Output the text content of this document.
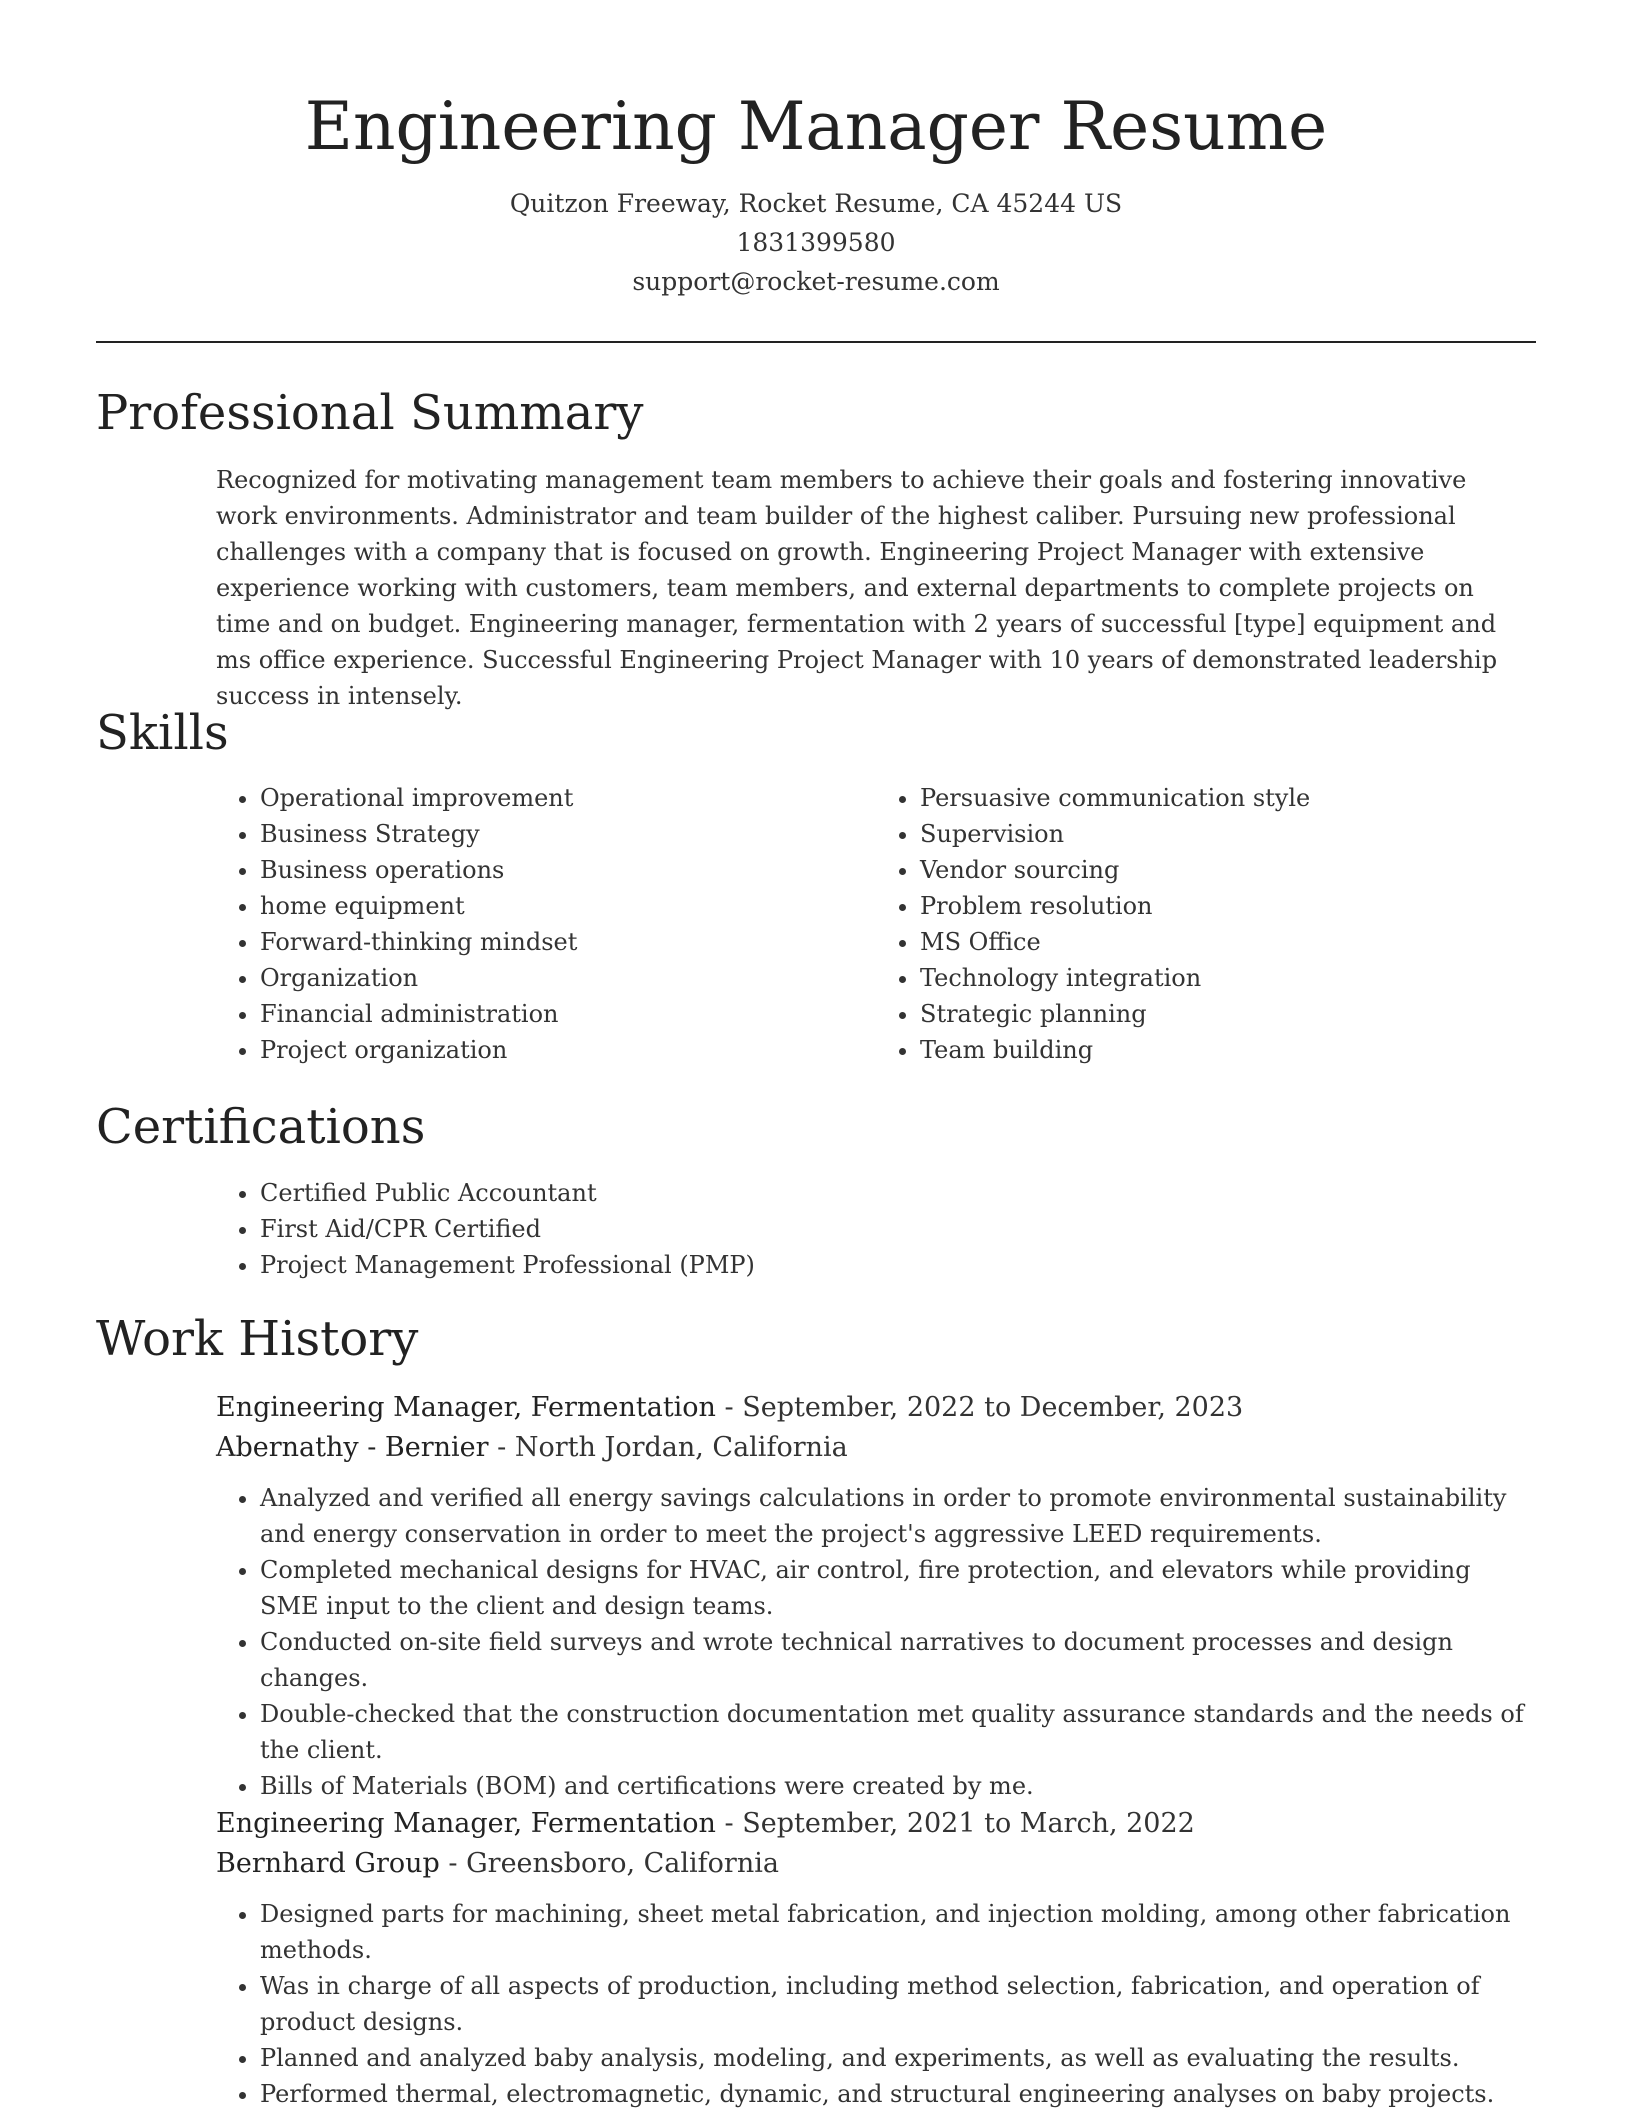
Engineering Manager Resume
Quitzon Freeway, Rocket Resume, CA 45244 US
1831399580
support@rocket-resume.com
Professional Summary

Recognized for motivating management team members to achieve their goals and fostering innovative work environments. Administrator and team builder of the highest caliber. Pursuing new professional challenges with a company that is focused on growth. Engineering Project Manager with extensive experience working with customers, team members, and external departments to complete projects on time and on budget. Engineering manager, fermentation with 2 years of successful [type] equipment and ms office experience. Successful Engineering Project Manager with 10 years of demonstrated leadership success in intensely.

Skills
• Operational improvement
• Business Strategy
• Business operations
• home equipment
• Forward-thinking mindset
• Organization
• Financial administration
• Project organization
• Persuasive communication style
• Supervision
• Vendor sourcing
• Problem resolution
• MS Office
• Technology integration
• Strategic planning
• Team building
Certifications
• Certified Public Accountant
• First Aid/CPR Certified
• Project Management Professional (PMP)
Work History
Engineering Manager, Fermentation - September, 2022 to December, 2023
Abernathy - Bernier - North Jordan, California
• Analyzed and verified all energy savings calculations in order to promote environmental sustainability and energy conservation in order to meet the project's aggressive LEED requirements.
• Completed mechanical designs for HVAC, air control, fire protection, and elevators while providing SME input to the client and design teams.
• Conducted on-site field surveys and wrote technical narratives to document processes and design changes.
• Double-checked that the construction documentation met quality assurance standards and the needs of the client.
• Bills of Materials (BOM) and certifications were created by me.
Engineering Manager, Fermentation - September, 2021 to March, 2022
Bernhard Group - Greensboro, California
• Designed parts for machining, sheet metal fabrication, and injection molding, among other fabrication methods.
• Was in charge of all aspects of production, including method selection, fabrication, and operation of product designs.
• Planned and analyzed baby analysis, modeling, and experiments, as well as evaluating the results.
• Performed thermal, electromagnetic, dynamic, and structural engineering analyses on baby projects.
